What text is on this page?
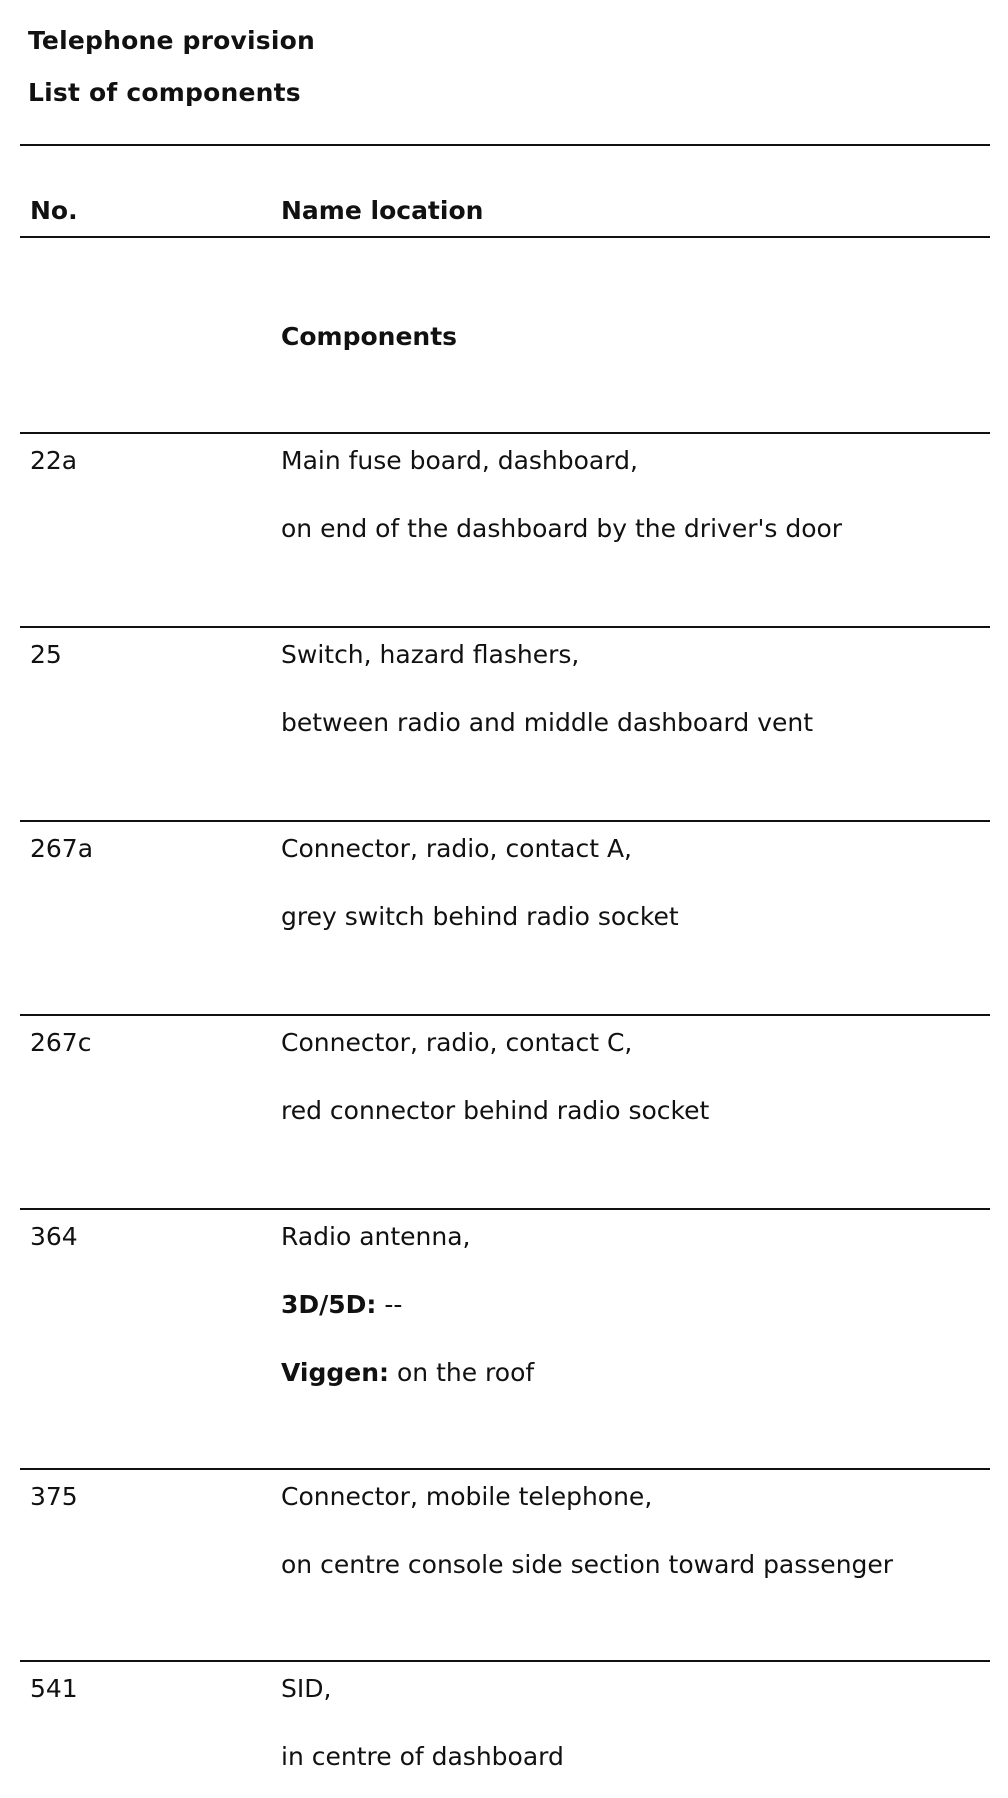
Telephone provision
List of components
No.	Name location
Components
22a	Main fuse board, dashboard,
on end of the dashboard by the driver's door
25	Switch, hazard flashers,
between radio and middle dashboard vent
267a	Connector, radio, contact A,
grey switch behind radio socket
267c	Connector, radio, contact C,
red connector behind radio socket
364	Radio antenna,
3D/5D: --
Viggen: on the roof
375	Connector, mobile telephone,
on centre console side section toward passenger
541	SID,
in centre of dashboard
